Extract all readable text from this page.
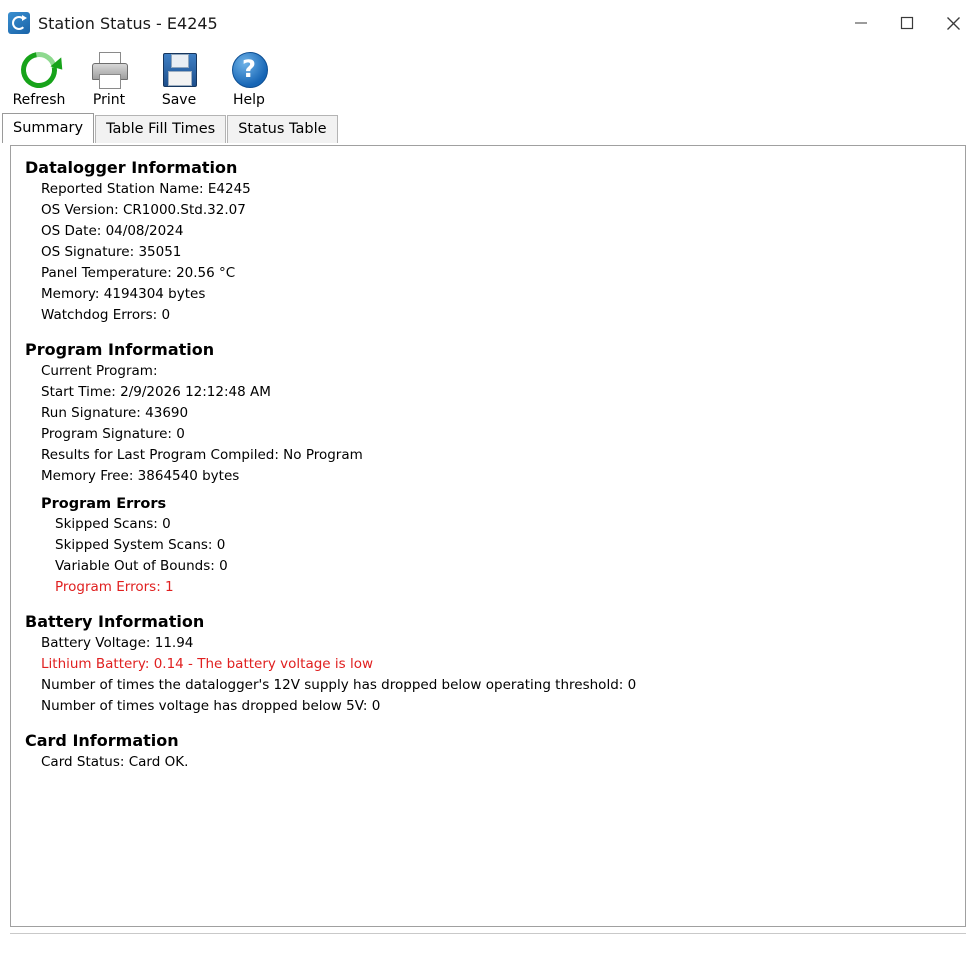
Station Status - E4245
Refresh Print	Save
?
Help
Summary	Table Fill Times	Status Table
Datalogger Information
Reported Station Name: E4245
OS Version: CR1000.Std.32.07
OS Date: 04/08/2024
OS Signature: 35051
Panel Temperature: 20.56 °C
Memory: 4194304 bytes
Watchdog Errors: 0
Program Information
Current Program:
Start Time: 2/9/2026 12:12:48 AM
Run Signature: 43690
Program Signature: 0
Results for Last Program Compiled: No Program
Memory Free: 3864540 bytes
Program Errors
Skipped Scans: 0
Skipped System Scans: 0
Variable Out of Bounds: 0
Program Errors: 1
Battery Information
Battery Voltage: 11.94
Lithium Battery: 0.14 - The battery voltage is low
Number of times the datalogger's 12V supply has dropped below operating threshold: 0
Number of times voltage has dropped below 5V: 0
Card Information
Card Status: Card OK.
